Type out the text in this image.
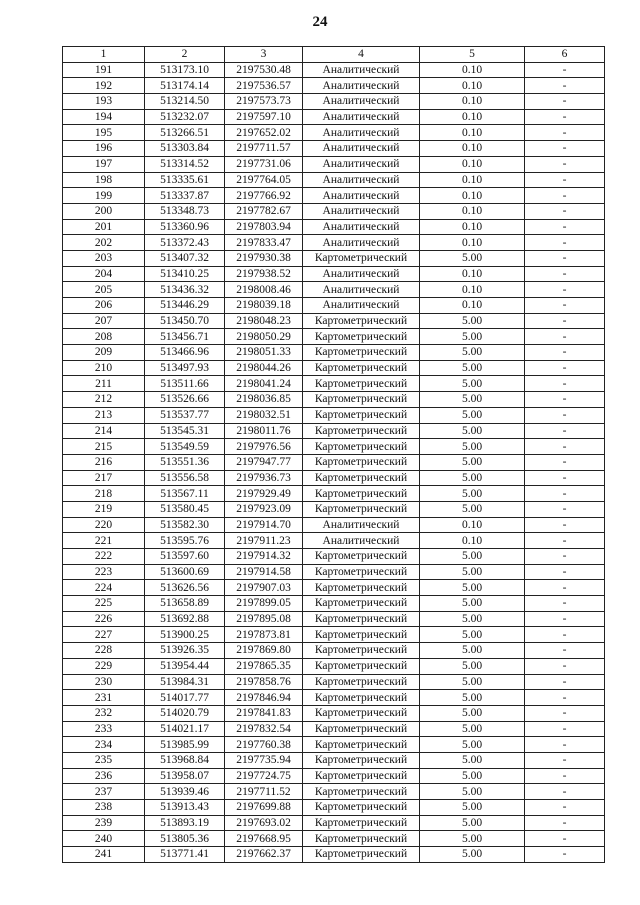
24
1	2	3	4	5	6
191	513173.10	2197530.48	Аналитический	0.10	-
192	513174.14	2197536.57	Аналитический	0.10	-
193	513214.50	2197573.73	Аналитический	0.10	-
194	513232.07	2197597.10	Аналитический	0.10	-
195	513266.51	2197652.02	Аналитический	0.10	-
196	513303.84	2197711.57	Аналитический	0.10	-
197	513314.52	2197731.06	Аналитический	0.10	-
198	513335.61	2197764.05	Аналитический	0.10	-
199	513337.87	2197766.92	Аналитический	0.10	-
200	513348.73	2197782.67	Аналитический	0.10	-
201	513360.96	2197803.94	Аналитический	0.10	-
202	513372.43	2197833.47	Аналитический	0.10	-
203	513407.32	2197930.38	Картометрический	5.00	-
204	513410.25	2197938.52	Аналитический	0.10	-
205	513436.32	2198008.46	Аналитический	0.10	-
206	513446.29	2198039.18	Аналитический	0.10	-
207	513450.70	2198048.23	Картометрический	5.00	-
208	513456.71	2198050.29	Картометрический	5.00	-
209	513466.96	2198051.33	Картометрический	5.00	-
210	513497.93	2198044.26	Картометрический	5.00	-
211	513511.66	2198041.24	Картометрический	5.00	-
212	513526.66	2198036.85	Картометрический	5.00	-
213	513537.77	2198032.51	Картометрический	5.00	-
214	513545.31	2198011.76	Картометрический	5.00	-
215	513549.59	2197976.56	Картометрический	5.00	-
216	513551.36	2197947.77	Картометрический	5.00	-
217	513556.58	2197936.73	Картометрический	5.00	-
218	513567.11	2197929.49	Картометрический	5.00	-
219	513580.45	2197923.09	Картометрический	5.00	-
220	513582.30	2197914.70	Аналитический	0.10	-
221	513595.76	2197911.23	Аналитический	0.10	-
222	513597.60	2197914.32	Картометрический	5.00	-
223	513600.69	2197914.58	Картометрический	5.00	-
224	513626.56	2197907.03	Картометрический	5.00	-
225	513658.89	2197899.05	Картометрический	5.00	-
226	513692.88	2197895.08	Картометрический	5.00	-
227	513900.25	2197873.81	Картометрический	5.00	-
228	513926.35	2197869.80	Картометрический	5.00	-
229	513954.44	2197865.35	Картометрический	5.00	-
230	513984.31	2197858.76	Картометрический	5.00	-
231	514017.77	2197846.94	Картометрический	5.00	-
232	514020.79	2197841.83	Картометрический	5.00	-
233	514021.17	2197832.54	Картометрический	5.00	-
234	513985.99	2197760.38	Картометрический	5.00	-
235	513968.84	2197735.94	Картометрический	5.00	-
236	513958.07	2197724.75	Картометрический	5.00	-
237	513939.46	2197711.52	Картометрический	5.00	-
238	513913.43	2197699.88	Картометрический	5.00	-
239	513893.19	2197693.02	Картометрический	5.00	-
240	513805.36	2197668.95	Картометрический	5.00	-
241	513771.41	2197662.37	Картометрический	5.00	-
